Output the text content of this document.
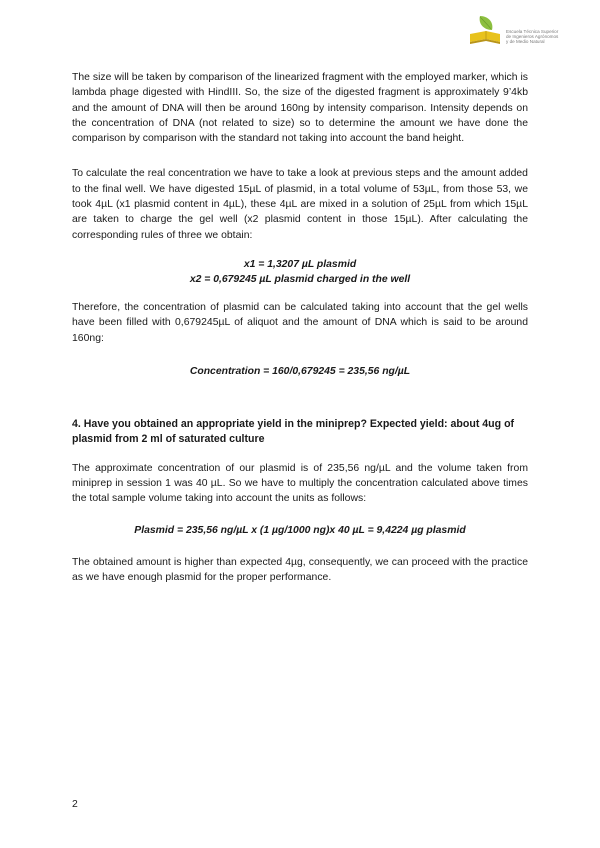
Escuela Técnica Superior
de Ingenieros Agrónomos
y de Medio Natural

The size will be taken by comparison of the linearized fragment with the employed marker, which is lambda phage digested with HindIII. So, the size of the digested fragment is approximately 9’4kb and the amount of DNA will then be around 160ng by intensity comparison. Intensity depends on the concentration of DNA (not related to size) so to determine the amount we have done the comparison by comparison with the standard not taking into account the band height.

To calculate the real concentration we have to take a look at previous steps and the amount added to the final well. We have digested 15µL of plasmid, in a total volume of 53µL, from those 53, we took 4µL (x1 plasmid content in 4µL), these 4µL are mixed in a solution of 25µL from which 15µL are taken to charge the gel well (x2 plasmid content in those 15µL). After calculating the corresponding rules of three we obtain:

x1 = 1,3207 µL plasmid
x2 = 0,679245 µL plasmid charged in the well

Therefore, the concentration of plasmid can be calculated taking into account that the gel wells have been filled with 0,679245µL of aliquot and the amount of DNA which is said to be around 160ng:

Concentration = 160/0,679245 = 235,56 ng/µL
4. Have you obtained an appropriate yield in the miniprep? Expected yield: about 4ug of plasmid from 2 ml of saturated culture

The approximate concentration of our plasmid is of 235,56 ng/µL and the volume taken from miniprep in session 1 was 40 µL. So we have to multiply the concentration calculated above times the total sample volume taking into account the units as follows:

Plasmid = 235,56 ng/µL x (1 µg/1000 ng)x 40 µL = 9,4224 µg plasmid

The obtained amount is higher than expected 4µg, consequently, we can proceed with the practice as we have enough plasmid for the proper performance.

2
